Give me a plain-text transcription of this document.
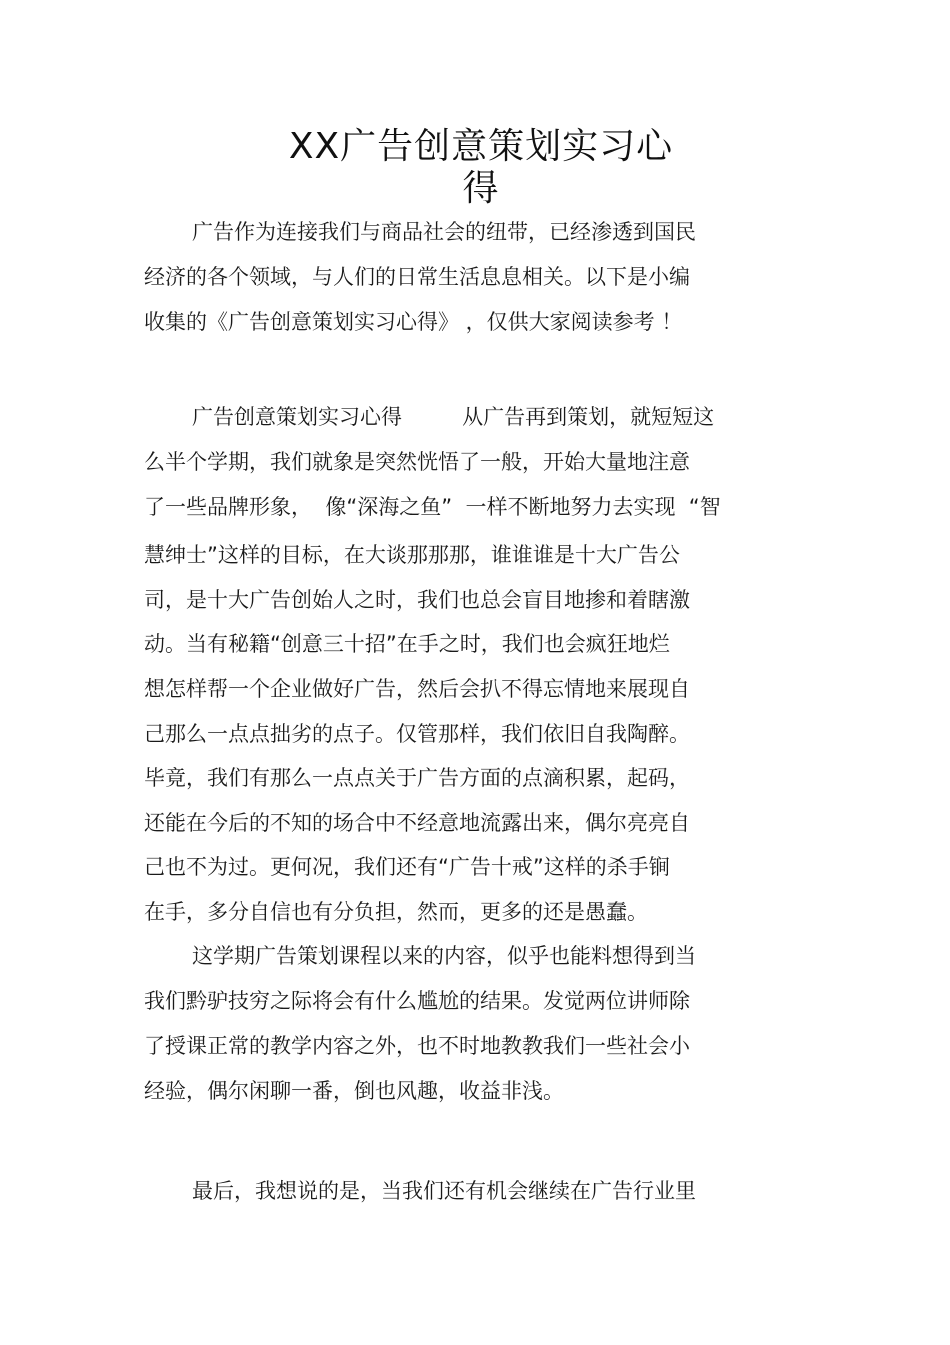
XX广告创意策划实习心
得
广告作为连接我们与商品社会的纽带，已经渗透到国民
经济的各个领域，与人们的日常生活息息相关。以下是小编
收集的《广告创意策划实习心得》 ，仅供大家阅读参考 ！
广告创意策划实习心得         从广告再到策划，就短短这
么半个学期，我们就象是突然恍悟了一般，开始大量地注意
了一些品牌形象，  像“深海之鱼”  一样不断地努力去实现  “智
慧绅士”这样的目标，在大谈那那那，谁谁谁是十大广告公
司，是十大广告创始人之时，我们也总会盲目地掺和着瞎激
动。当有秘籍“创意三十招”在手之时，我们也会疯狂地烂
想怎样帮一个企业做好广告，然后会扒不得忘情地来展现自
己那么一点点拙劣的点子。仅管那样，我们依旧自我陶醉。
毕竟，我们有那么一点点关于广告方面的点滴积累，起码，
还能在今后的不知的场合中不经意地流露出来，偶尔亮亮自
己也不为过。更何况，我们还有“广告十戒”这样的杀手锏
在手，多分自信也有分负担，然而，更多的还是愚蠢。
这学期广告策划课程以来的内容，似乎也能料想得到当
我们黔驴技穷之际将会有什么尴尬的结果。发觉两位讲师除
了授课正常的教学内容之外，也不时地教教我们一些社会小
经验，偶尔闲聊一番，倒也风趣，收益非浅。
最后，我想说的是，当我们还有机会继续在广告行业里
